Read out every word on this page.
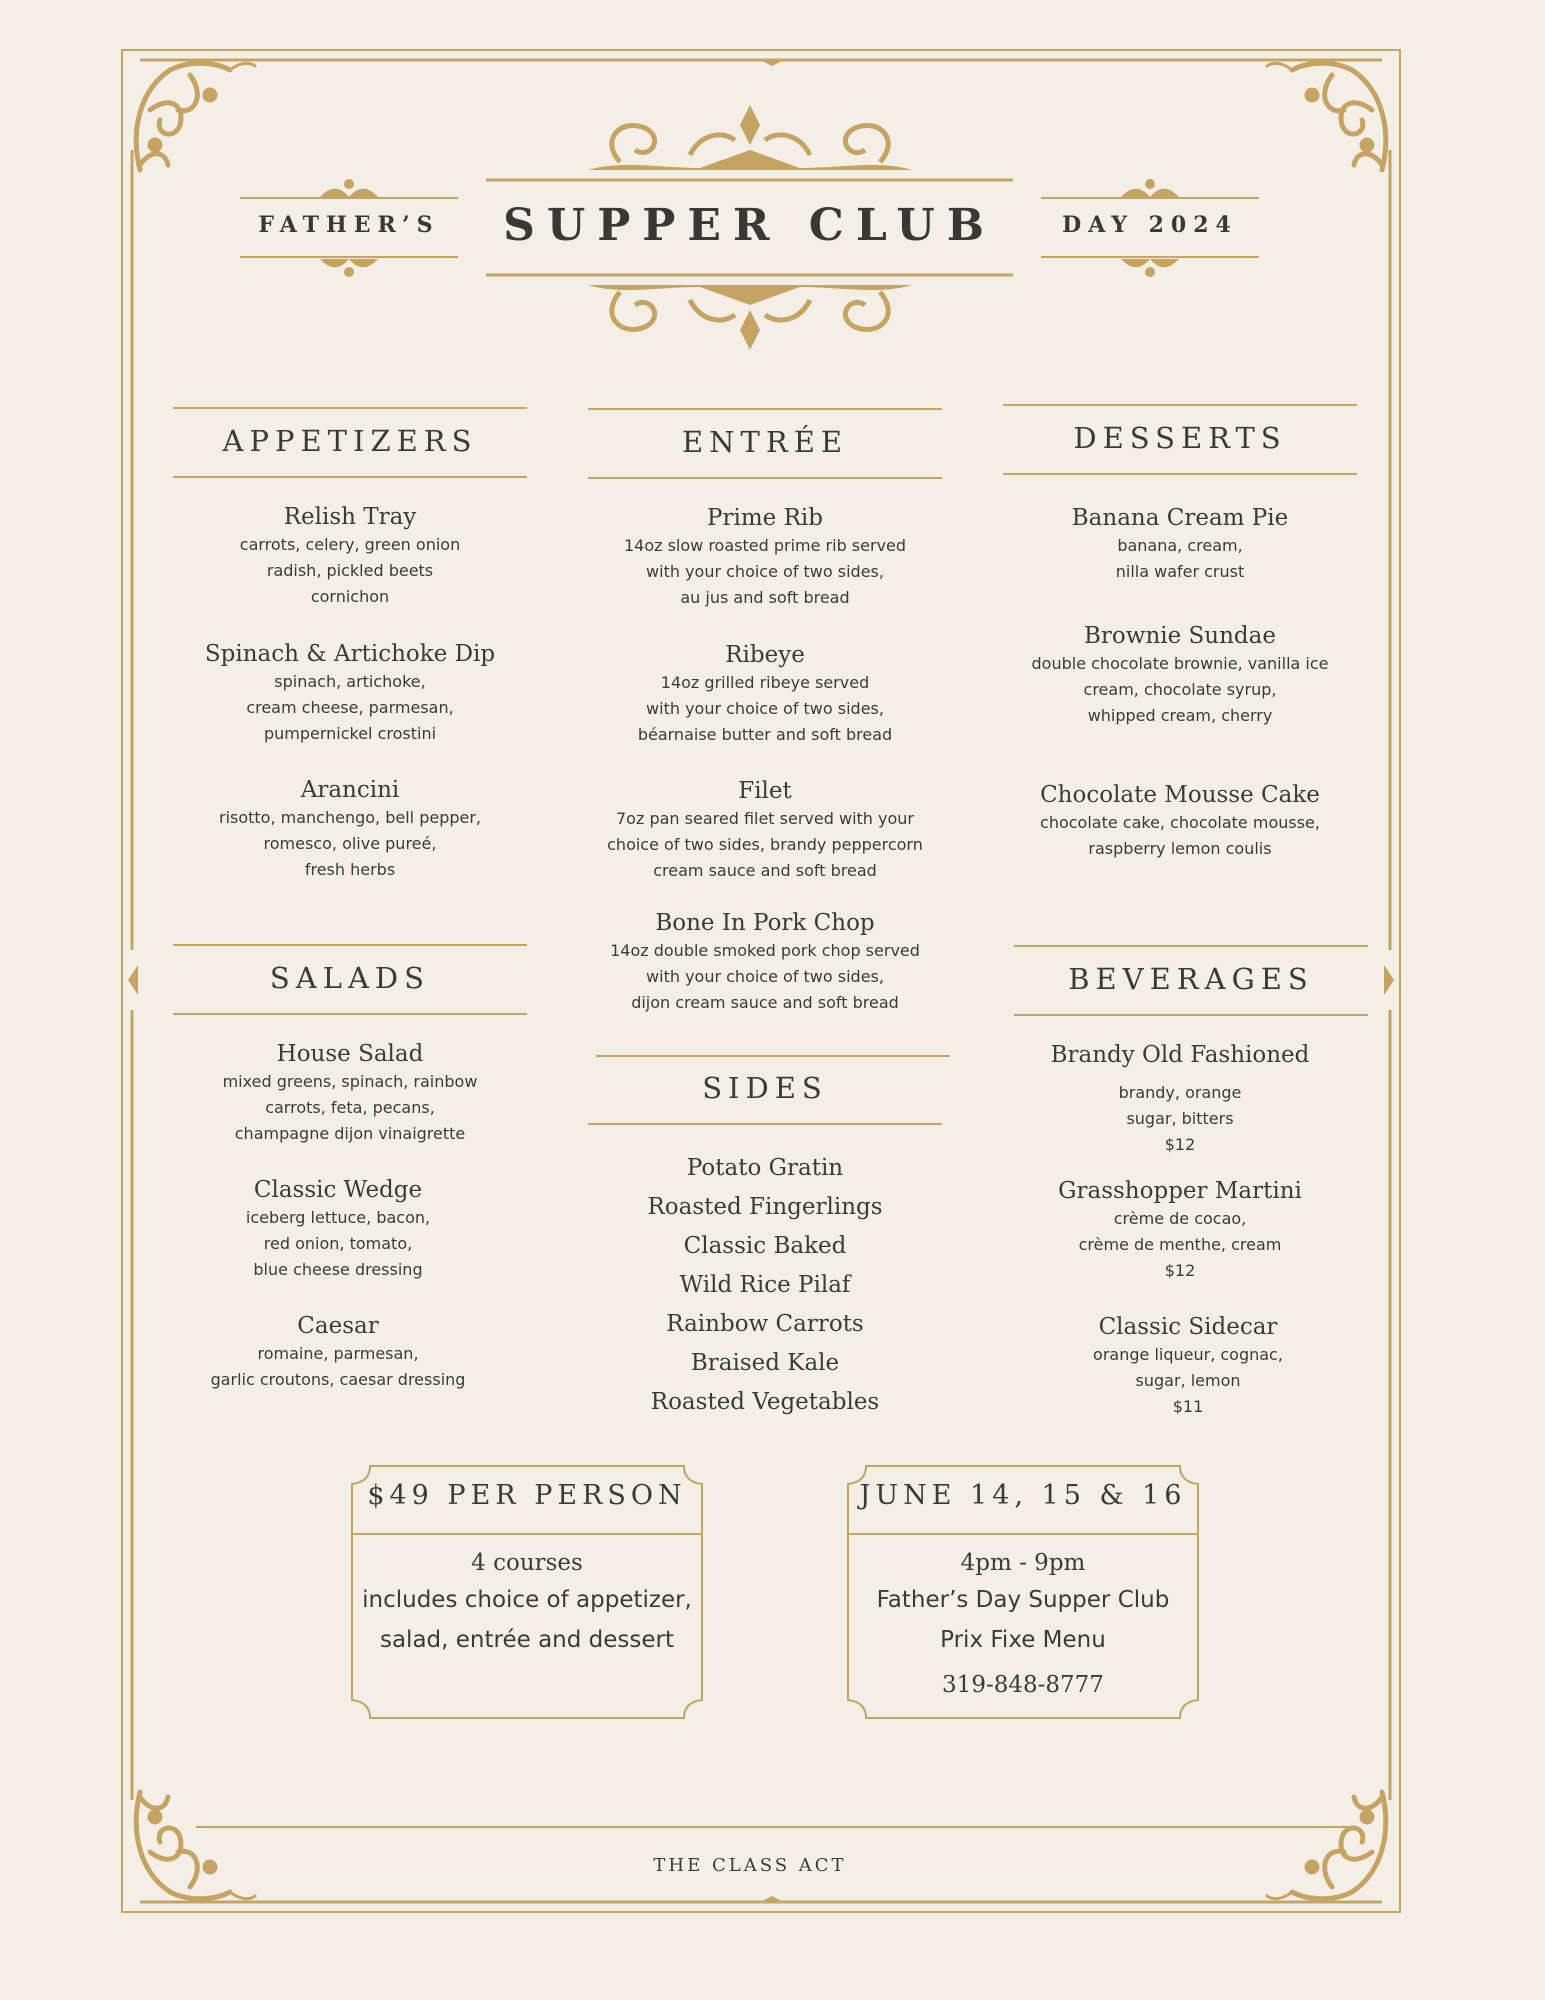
FATHER’S	SUPPER CLUB	DAY 2024
APPETIZERS
Relish Tray
carrots, celery, green onion
radish, pickled beets
cornichon
Spinach & Artichoke Dip
spinach, artichoke,
cream cheese, parmesan,
pumpernickel crostini
Arancini
risotto, manchengo, bell pepper,
romesco, olive pureé,
fresh herbs
ENTRÉE
Prime Rib
14oz slow roasted prime rib served
with your choice of two sides,
au jus and soft bread
Ribeye
14oz grilled ribeye served
with your choice of two sides,
béarnaise butter and soft bread
Filet
7oz pan seared filet served with your
choice of two sides, brandy peppercorn
cream sauce and soft bread
Bone In Pork Chop
14oz double smoked pork chop served
with your choice of two sides,
dijon cream sauce and soft bread
DESSERTS
Banana Cream Pie
banana, cream,
nilla wafer crust
Brownie Sundae
double chocolate brownie, vanilla ice
cream, chocolate syrup,
whipped cream, cherry
Chocolate Mousse Cake
chocolate cake, chocolate mousse,
raspberry lemon coulis
SALADS
House Salad
mixed greens, spinach, rainbow
carrots, feta, pecans,
champagne dijon vinaigrette
Classic Wedge
iceberg lettuce, bacon,
red onion, tomato,
blue cheese dressing
Caesar
romaine, parmesan,
garlic croutons, caesar dressing
SIDES
Potato Gratin
Roasted Fingerlings
Classic Baked
Wild Rice Pilaf
Rainbow Carrots
Braised Kale
Roasted Vegetables
BEVERAGES
Brandy Old Fashioned
brandy, orange
sugar, bitters
$12
Grasshopper Martini
crème de cocao,
crème de menthe, cream
$12
Classic Sidecar
orange liqueur, cognac,
sugar, lemon
$11
$49 PER PERSON
4 courses
includes choice of appetizer,
salad, entrée and dessert
JUNE 14, 15 & 16
4pm - 9pm
Father’s Day Supper Club
Prix Fixe Menu
319-848-8777
THE CLASS ACT
